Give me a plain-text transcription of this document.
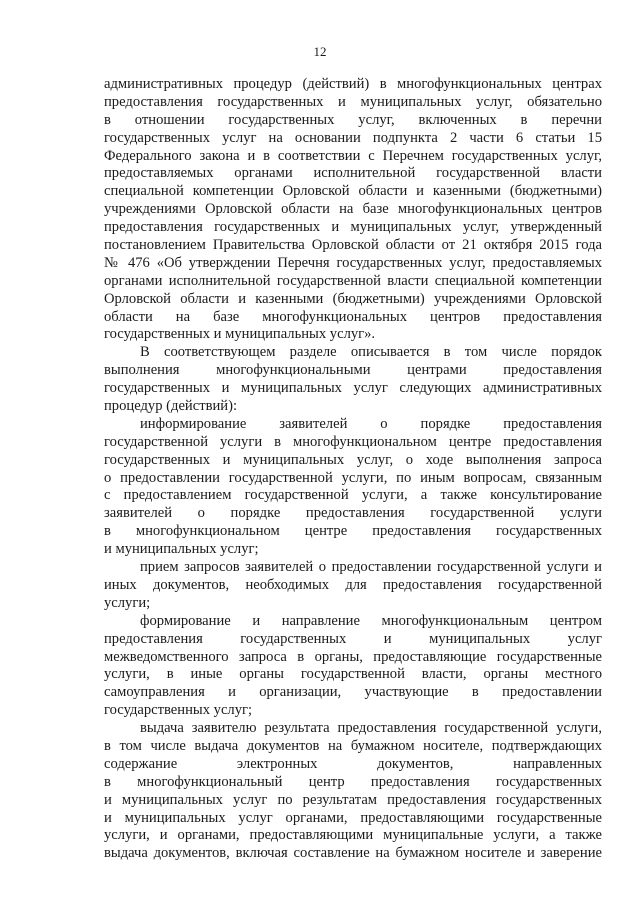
12
административных процедур (действий) в многофункциональных центрах
предоставления государственных и муниципальных услуг, обязательно
в отношении государственных услуг, включенных в перечни
государственных услуг на основании подпункта 2 части 6 статьи 15
Федерального закона и в соответствии с Перечнем государственных услуг,
предоставляемых органами исполнительной государственной власти
специальной компетенции Орловской области и казенными (бюджетными)
учреждениями Орловской области на базе многофункциональных центров
предоставления государственных и муниципальных услуг, утвержденный
постановлением Правительства Орловской области от 21 октября 2015 года
№ 476 «Об утверждении Перечня государственных услуг, предоставляемых
органами исполнительной государственной власти специальной компетенции
Орловской области и казенными (бюджетными) учреждениями Орловской
области на базе многофункциональных центров предоставления
государственных и муниципальных услуг».
В соответствующем разделе описывается в том числе порядок
выполнения многофункциональными центрами предоставления
государственных и муниципальных услуг следующих административных
процедур (действий):
информирование заявителей о порядке предоставления
государственной услуги в многофункциональном центре предоставления
государственных и муниципальных услуг, о ходе выполнения запроса
о предоставлении государственной услуги, по иным вопросам, связанным
с предоставлением государственной услуги, а также консультирование
заявителей о порядке предоставления государственной услуги
в многофункциональном центре предоставления государственных
и муниципальных услуг;
прием запросов заявителей о предоставлении государственной услуги и
иных документов, необходимых для предоставления государственной
услуги;
формирование и направление многофункциональным центром
предоставления государственных и муниципальных услуг
межведомственного запроса в органы, предоставляющие государственные
услуги, в иные органы государственной власти, органы местного
самоуправления и организации, участвующие в предоставлении
государственных услуг;
выдача заявителю результата предоставления государственной услуги,
в том числе выдача документов на бумажном носителе, подтверждающих
содержание электронных документов, направленных
в многофункциональный центр предоставления государственных
и муниципальных услуг по результатам предоставления государственных
и муниципальных услуг органами, предоставляющими государственные
услуги, и органами, предоставляющими муниципальные услуги, а также
выдача документов, включая составление на бумажном носителе и заверение
